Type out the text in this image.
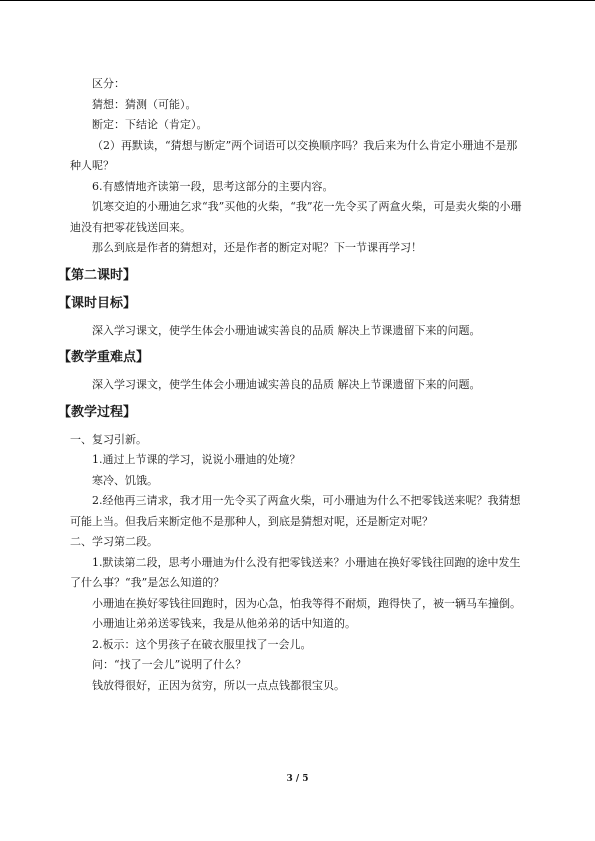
区分：

猜想：猜测（可能）。

断定：下结论（肯定）。

（2）再默读，“猜想与断定”两个词语可以交换顺序吗？我后来为什么肯定小珊迪不是那种人呢？

6.有感情地齐读第一段，思考这部分的主要内容。

饥寒交迫的小珊迪乞求“我”买他的火柴，“我”花一先令买了两盒火柴，可是卖火柴的小珊迪没有把零花钱送回来。

那么到底是作者的猜想对，还是作者的断定对呢？下一节课再学习！

【第二课时】
【课时目标】

深入学习课文，使学生体会小珊迪诚实善良的品质 解决上节课遗留下来的问题。

【教学重难点】

深入学习课文，使学生体会小珊迪诚实善良的品质 解决上节课遗留下来的问题。

【教学过程】

一、复习引新。

1.通过上节课的学习，说说小珊迪的处境？

寒冷、饥饿。

2.经他再三请求，我才用一先令买了两盒火柴，可小珊迪为什么不把零钱送来呢？我猜想可能上当。但我后来断定他不是那种人，到底是猜想对呢，还是断定对呢？

二、学习第二段。

1.默读第二段，思考小珊迪为什么没有把零钱送来？小珊迪在换好零钱往回跑的途中发生了什么事？“我”是怎么知道的？

小珊迪在换好零钱往回跑时，因为心急，怕我等得不耐烦，跑得快了，被一辆马车撞倒。

小珊迪让弟弟送零钱来，我是从他弟弟的话中知道的。

2.板示：这个男孩子在破衣服里找了一会儿。

问：“找了一会儿”说明了什么？

钱放得很好，正因为贫穷，所以一点点钱都很宝贝。

3 / 5
